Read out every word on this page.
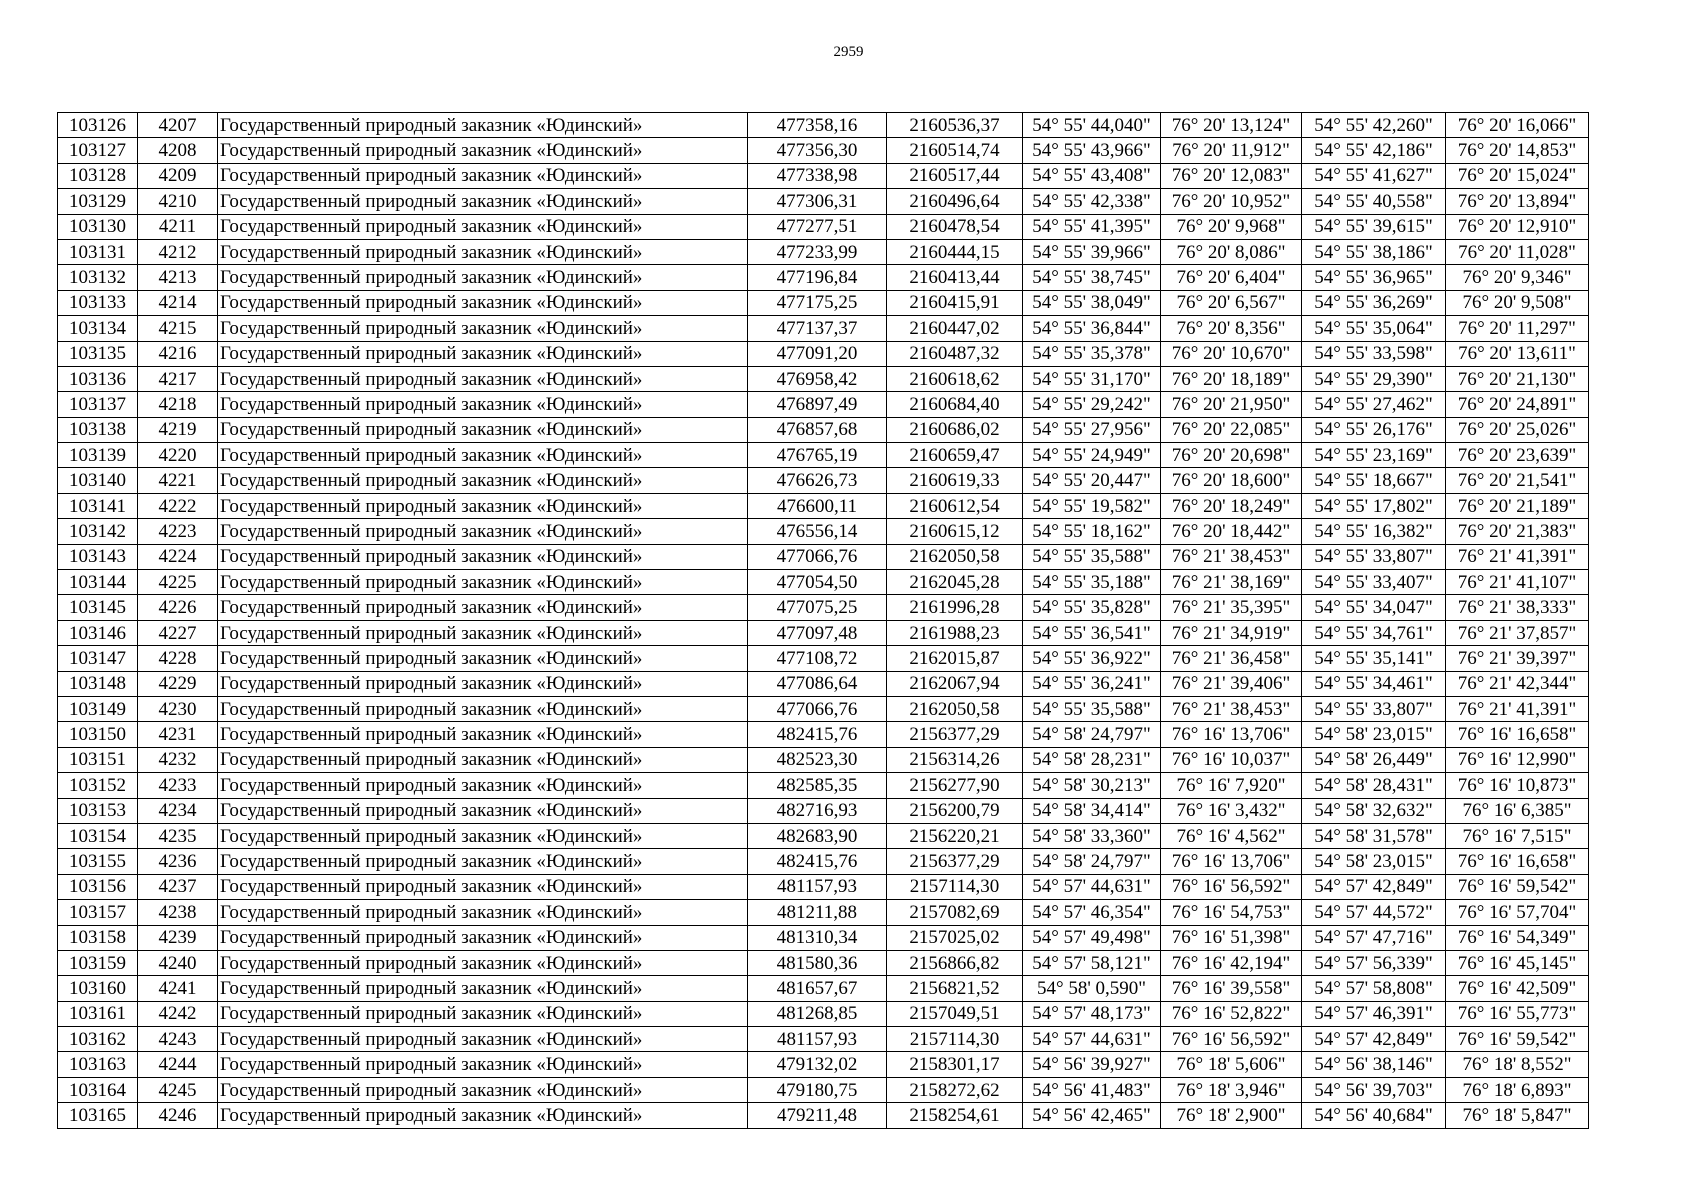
2959
103126	4207	Государственный природный заказник «Юдинский»	477358,16	2160536,37	54° 55' 44,040"	76° 20' 13,124"	54° 55' 42,260"	76° 20' 16,066"
103127	4208	Государственный природный заказник «Юдинский»	477356,30	2160514,74	54° 55' 43,966"	76° 20' 11,912"	54° 55' 42,186"	76° 20' 14,853"
103128	4209	Государственный природный заказник «Юдинский»	477338,98	2160517,44	54° 55' 43,408"	76° 20' 12,083"	54° 55' 41,627"	76° 20' 15,024"
103129	4210	Государственный природный заказник «Юдинский»	477306,31	2160496,64	54° 55' 42,338"	76° 20' 10,952"	54° 55' 40,558"	76° 20' 13,894"
103130	4211	Государственный природный заказник «Юдинский»	477277,51	2160478,54	54° 55' 41,395"	76° 20' 9,968"	54° 55' 39,615"	76° 20' 12,910"
103131	4212	Государственный природный заказник «Юдинский»	477233,99	2160444,15	54° 55' 39,966"	76° 20' 8,086"	54° 55' 38,186"	76° 20' 11,028"
103132	4213	Государственный природный заказник «Юдинский»	477196,84	2160413,44	54° 55' 38,745"	76° 20' 6,404"	54° 55' 36,965"	76° 20' 9,346"
103133	4214	Государственный природный заказник «Юдинский»	477175,25	2160415,91	54° 55' 38,049"	76° 20' 6,567"	54° 55' 36,269"	76° 20' 9,508"
103134	4215	Государственный природный заказник «Юдинский»	477137,37	2160447,02	54° 55' 36,844"	76° 20' 8,356"	54° 55' 35,064"	76° 20' 11,297"
103135	4216	Государственный природный заказник «Юдинский»	477091,20	2160487,32	54° 55' 35,378"	76° 20' 10,670"	54° 55' 33,598"	76° 20' 13,611"
103136	4217	Государственный природный заказник «Юдинский»	476958,42	2160618,62	54° 55' 31,170"	76° 20' 18,189"	54° 55' 29,390"	76° 20' 21,130"
103137	4218	Государственный природный заказник «Юдинский»	476897,49	2160684,40	54° 55' 29,242"	76° 20' 21,950"	54° 55' 27,462"	76° 20' 24,891"
103138	4219	Государственный природный заказник «Юдинский»	476857,68	2160686,02	54° 55' 27,956"	76° 20' 22,085"	54° 55' 26,176"	76° 20' 25,026"
103139	4220	Государственный природный заказник «Юдинский»	476765,19	2160659,47	54° 55' 24,949"	76° 20' 20,698"	54° 55' 23,169"	76° 20' 23,639"
103140	4221	Государственный природный заказник «Юдинский»	476626,73	2160619,33	54° 55' 20,447"	76° 20' 18,600"	54° 55' 18,667"	76° 20' 21,541"
103141	4222	Государственный природный заказник «Юдинский»	476600,11	2160612,54	54° 55' 19,582"	76° 20' 18,249"	54° 55' 17,802"	76° 20' 21,189"
103142	4223	Государственный природный заказник «Юдинский»	476556,14	2160615,12	54° 55' 18,162"	76° 20' 18,442"	54° 55' 16,382"	76° 20' 21,383"
103143	4224	Государственный природный заказник «Юдинский»	477066,76	2162050,58	54° 55' 35,588"	76° 21' 38,453"	54° 55' 33,807"	76° 21' 41,391"
103144	4225	Государственный природный заказник «Юдинский»	477054,50	2162045,28	54° 55' 35,188"	76° 21' 38,169"	54° 55' 33,407"	76° 21' 41,107"
103145	4226	Государственный природный заказник «Юдинский»	477075,25	2161996,28	54° 55' 35,828"	76° 21' 35,395"	54° 55' 34,047"	76° 21' 38,333"
103146	4227	Государственный природный заказник «Юдинский»	477097,48	2161988,23	54° 55' 36,541"	76° 21' 34,919"	54° 55' 34,761"	76° 21' 37,857"
103147	4228	Государственный природный заказник «Юдинский»	477108,72	2162015,87	54° 55' 36,922"	76° 21' 36,458"	54° 55' 35,141"	76° 21' 39,397"
103148	4229	Государственный природный заказник «Юдинский»	477086,64	2162067,94	54° 55' 36,241"	76° 21' 39,406"	54° 55' 34,461"	76° 21' 42,344"
103149	4230	Государственный природный заказник «Юдинский»	477066,76	2162050,58	54° 55' 35,588"	76° 21' 38,453"	54° 55' 33,807"	76° 21' 41,391"
103150	4231	Государственный природный заказник «Юдинский»	482415,76	2156377,29	54° 58' 24,797"	76° 16' 13,706"	54° 58' 23,015"	76° 16' 16,658"
103151	4232	Государственный природный заказник «Юдинский»	482523,30	2156314,26	54° 58' 28,231"	76° 16' 10,037"	54° 58' 26,449"	76° 16' 12,990"
103152	4233	Государственный природный заказник «Юдинский»	482585,35	2156277,90	54° 58' 30,213"	76° 16' 7,920"	54° 58' 28,431"	76° 16' 10,873"
103153	4234	Государственный природный заказник «Юдинский»	482716,93	2156200,79	54° 58' 34,414"	76° 16' 3,432"	54° 58' 32,632"	76° 16' 6,385"
103154	4235	Государственный природный заказник «Юдинский»	482683,90	2156220,21	54° 58' 33,360"	76° 16' 4,562"	54° 58' 31,578"	76° 16' 7,515"
103155	4236	Государственный природный заказник «Юдинский»	482415,76	2156377,29	54° 58' 24,797"	76° 16' 13,706"	54° 58' 23,015"	76° 16' 16,658"
103156	4237	Государственный природный заказник «Юдинский»	481157,93	2157114,30	54° 57' 44,631"	76° 16' 56,592"	54° 57' 42,849"	76° 16' 59,542"
103157	4238	Государственный природный заказник «Юдинский»	481211,88	2157082,69	54° 57' 46,354"	76° 16' 54,753"	54° 57' 44,572"	76° 16' 57,704"
103158	4239	Государственный природный заказник «Юдинский»	481310,34	2157025,02	54° 57' 49,498"	76° 16' 51,398"	54° 57' 47,716"	76° 16' 54,349"
103159	4240	Государственный природный заказник «Юдинский»	481580,36	2156866,82	54° 57' 58,121"	76° 16' 42,194"	54° 57' 56,339"	76° 16' 45,145"
103160	4241	Государственный природный заказник «Юдинский»	481657,67	2156821,52	54° 58' 0,590"	76° 16' 39,558"	54° 57' 58,808"	76° 16' 42,509"
103161	4242	Государственный природный заказник «Юдинский»	481268,85	2157049,51	54° 57' 48,173"	76° 16' 52,822"	54° 57' 46,391"	76° 16' 55,773"
103162	4243	Государственный природный заказник «Юдинский»	481157,93	2157114,30	54° 57' 44,631"	76° 16' 56,592"	54° 57' 42,849"	76° 16' 59,542"
103163	4244	Государственный природный заказник «Юдинский»	479132,02	2158301,17	54° 56' 39,927"	76° 18' 5,606"	54° 56' 38,146"	76° 18' 8,552"
103164	4245	Государственный природный заказник «Юдинский»	479180,75	2158272,62	54° 56' 41,483"	76° 18' 3,946"	54° 56' 39,703"	76° 18' 6,893"
103165	4246	Государственный природный заказник «Юдинский»	479211,48	2158254,61	54° 56' 42,465"	76° 18' 2,900"	54° 56' 40,684"	76° 18' 5,847"
